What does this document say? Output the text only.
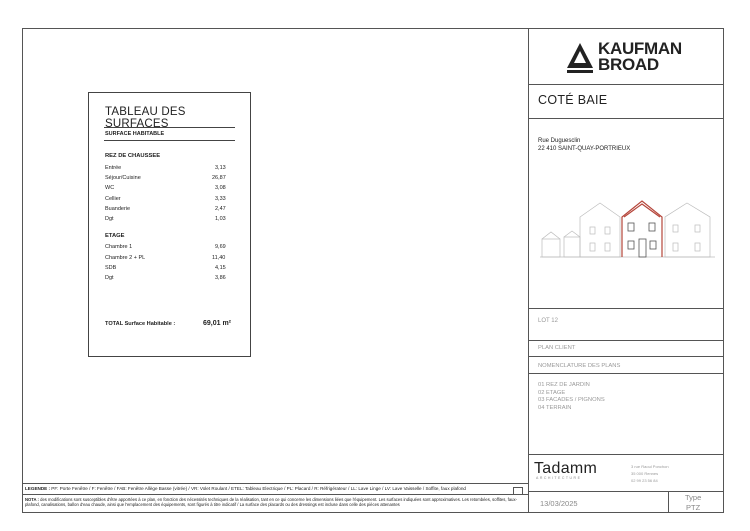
TABLEAU DES SURFACES
SURFACE HABITABLE
REZ DE CHAUSSEE
Entrée	3,13
Séjour/Cuisine	26,87
WC	3,08
Cellier	3,33
Buanderie	2,47
Dgt	1,03
ETAGE
Chambre 1	9,69
Chambre 2 + PL	11,40
SDB	4,15
Dgt	3,86
TOTAL Surface Habitable :	69,01 m²
KAUFMAN
BROAD
COTÉ BAIE
Rue Duguesclin
22 410 SAINT-QUAY-PORTRIEUX
LOT 12
PLAN CLIENT
NOMENCLATURE DES PLANS
01 REZ DE JARDIN
02 ETAGE
03 FACADES / PIGNONS
04 TERRAIN
Tadamm
ARCHITECTURE
3 rue Raoul Ponchon
35 000 Rennes
02 99 23 56 84
13/03/2025
Type
PTZ
LEGENDE : PF: Porte Fenêtre / F: Fenêtre / FAB: Fenêtre Allège Basse (vitrée) / VR: Volet Roulant / ETEL: Tableau Electrique / PL: Placard / R: Réfrigérateur / LL: Lave Linge / LV: Lave Vaisselle / Soffite, faux plafond
NOTA : des modifications sont susceptibles d'être apportées à ce plan, en fonction des nécessités techniques de la réalisation, tant en ce qui concerne les dimensions liées que l'équipement. Les surfaces indiquées sont approximatives. Les retombées, soffites, faux-plafond, canalisations, ballon d'eau chaude, ainsi que l'emplacement des équipements, sont figurés à titre indicatif / La surface des placards ou des dressings est incluse dans celle des pièces attenantes
